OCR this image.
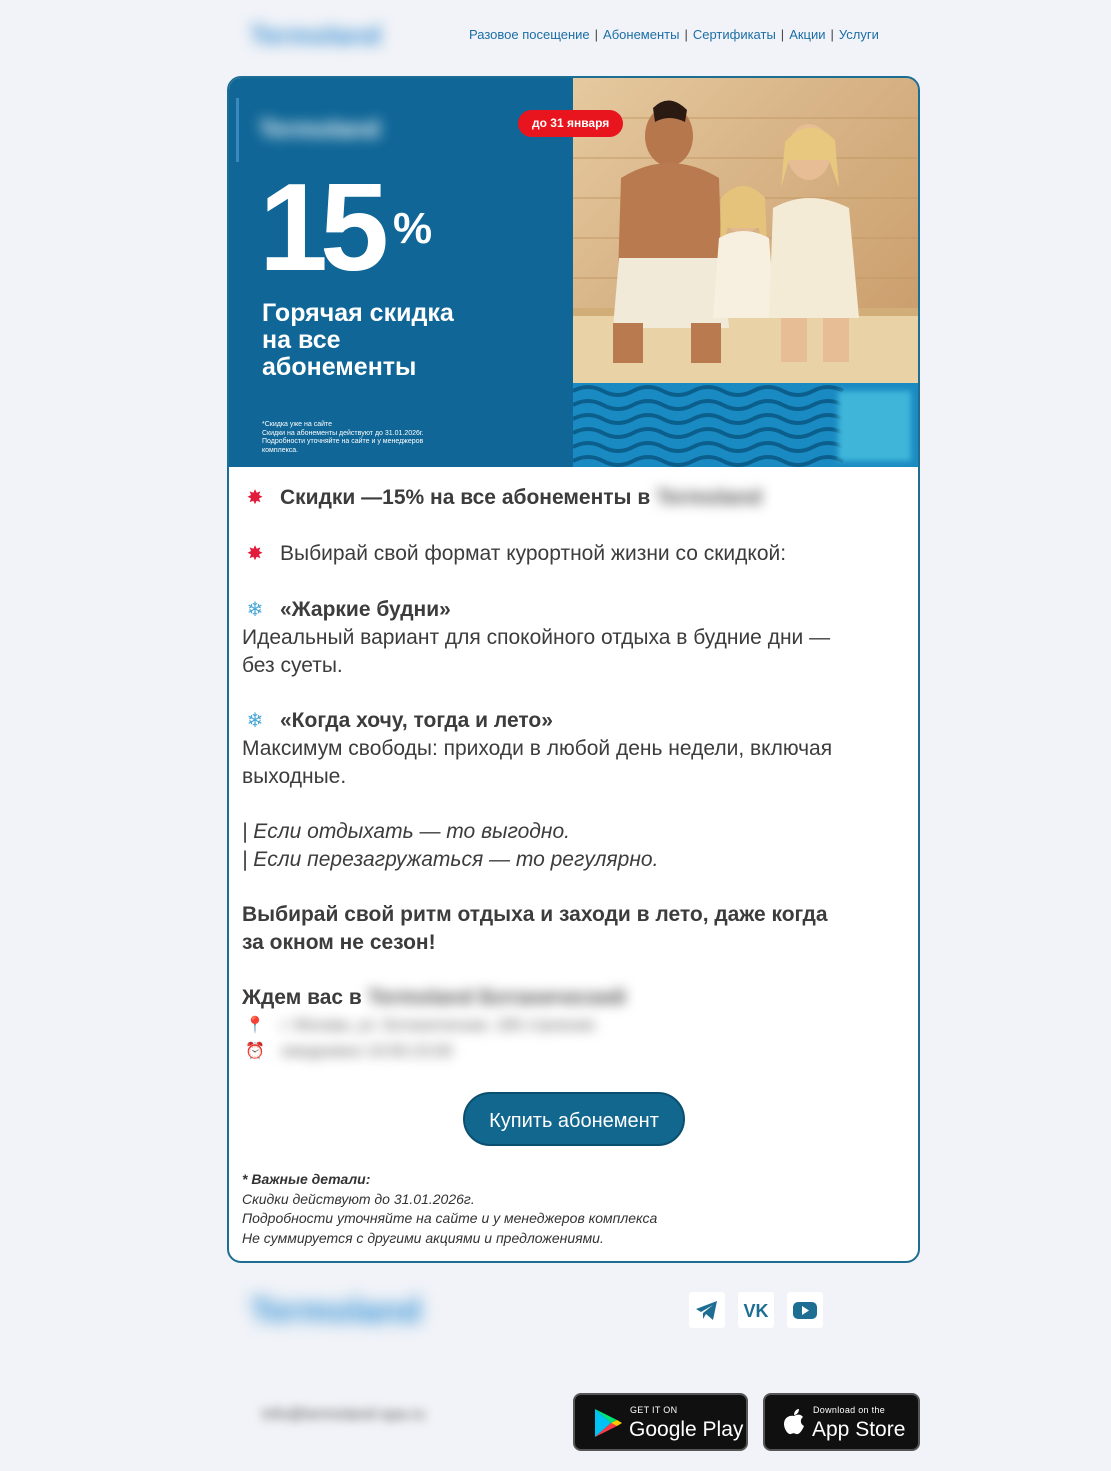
Termoland	Разовое посещение | Абонементы | Сертификаты | Акции | Услуги
Termoland
15 %
Горячая скидка
на все
абонементы
*Скидка уже на сайте
Скидки на абонементы действуют до 31.01.2026г.
Подробности уточняйте на сайте и у менеджеров
комплекса.
до 31 января
✸ Скидки —15% на все абонементы в Termoland
✸ Выбирай свой формат курортной жизни со скидкой:
❄ «Жаркие будни»
Идеальный вариант для спокойного отдыха в будние дни —
без суеты.
❄ «Когда хочу, тогда и лето»
Максимум свободы: приходи в любой день недели, включая
выходные.
| Если отдыхать — то выгодно.
| Если перезагружаться — то регулярно.
Выбирай свой ритм отдыха и заходи в лето, даже когда
за окном не сезон!
Ждем вас в Termoland Ботанический
📍 г. Москва, ул. Ботаническая, 180 строение
⏰ ежедневно 10:00-23:00
Купить абонемент
* Важные детали:
Скидки действуют до 31.01.2026г.
Подробности уточняйте на сайте и у менеджеров комплекса
Не суммируется с другими акциями и предложениями.
Termoland	VK
info@termoland-spa.ru	GET IT ON
Google Play
Download on the
App Store
